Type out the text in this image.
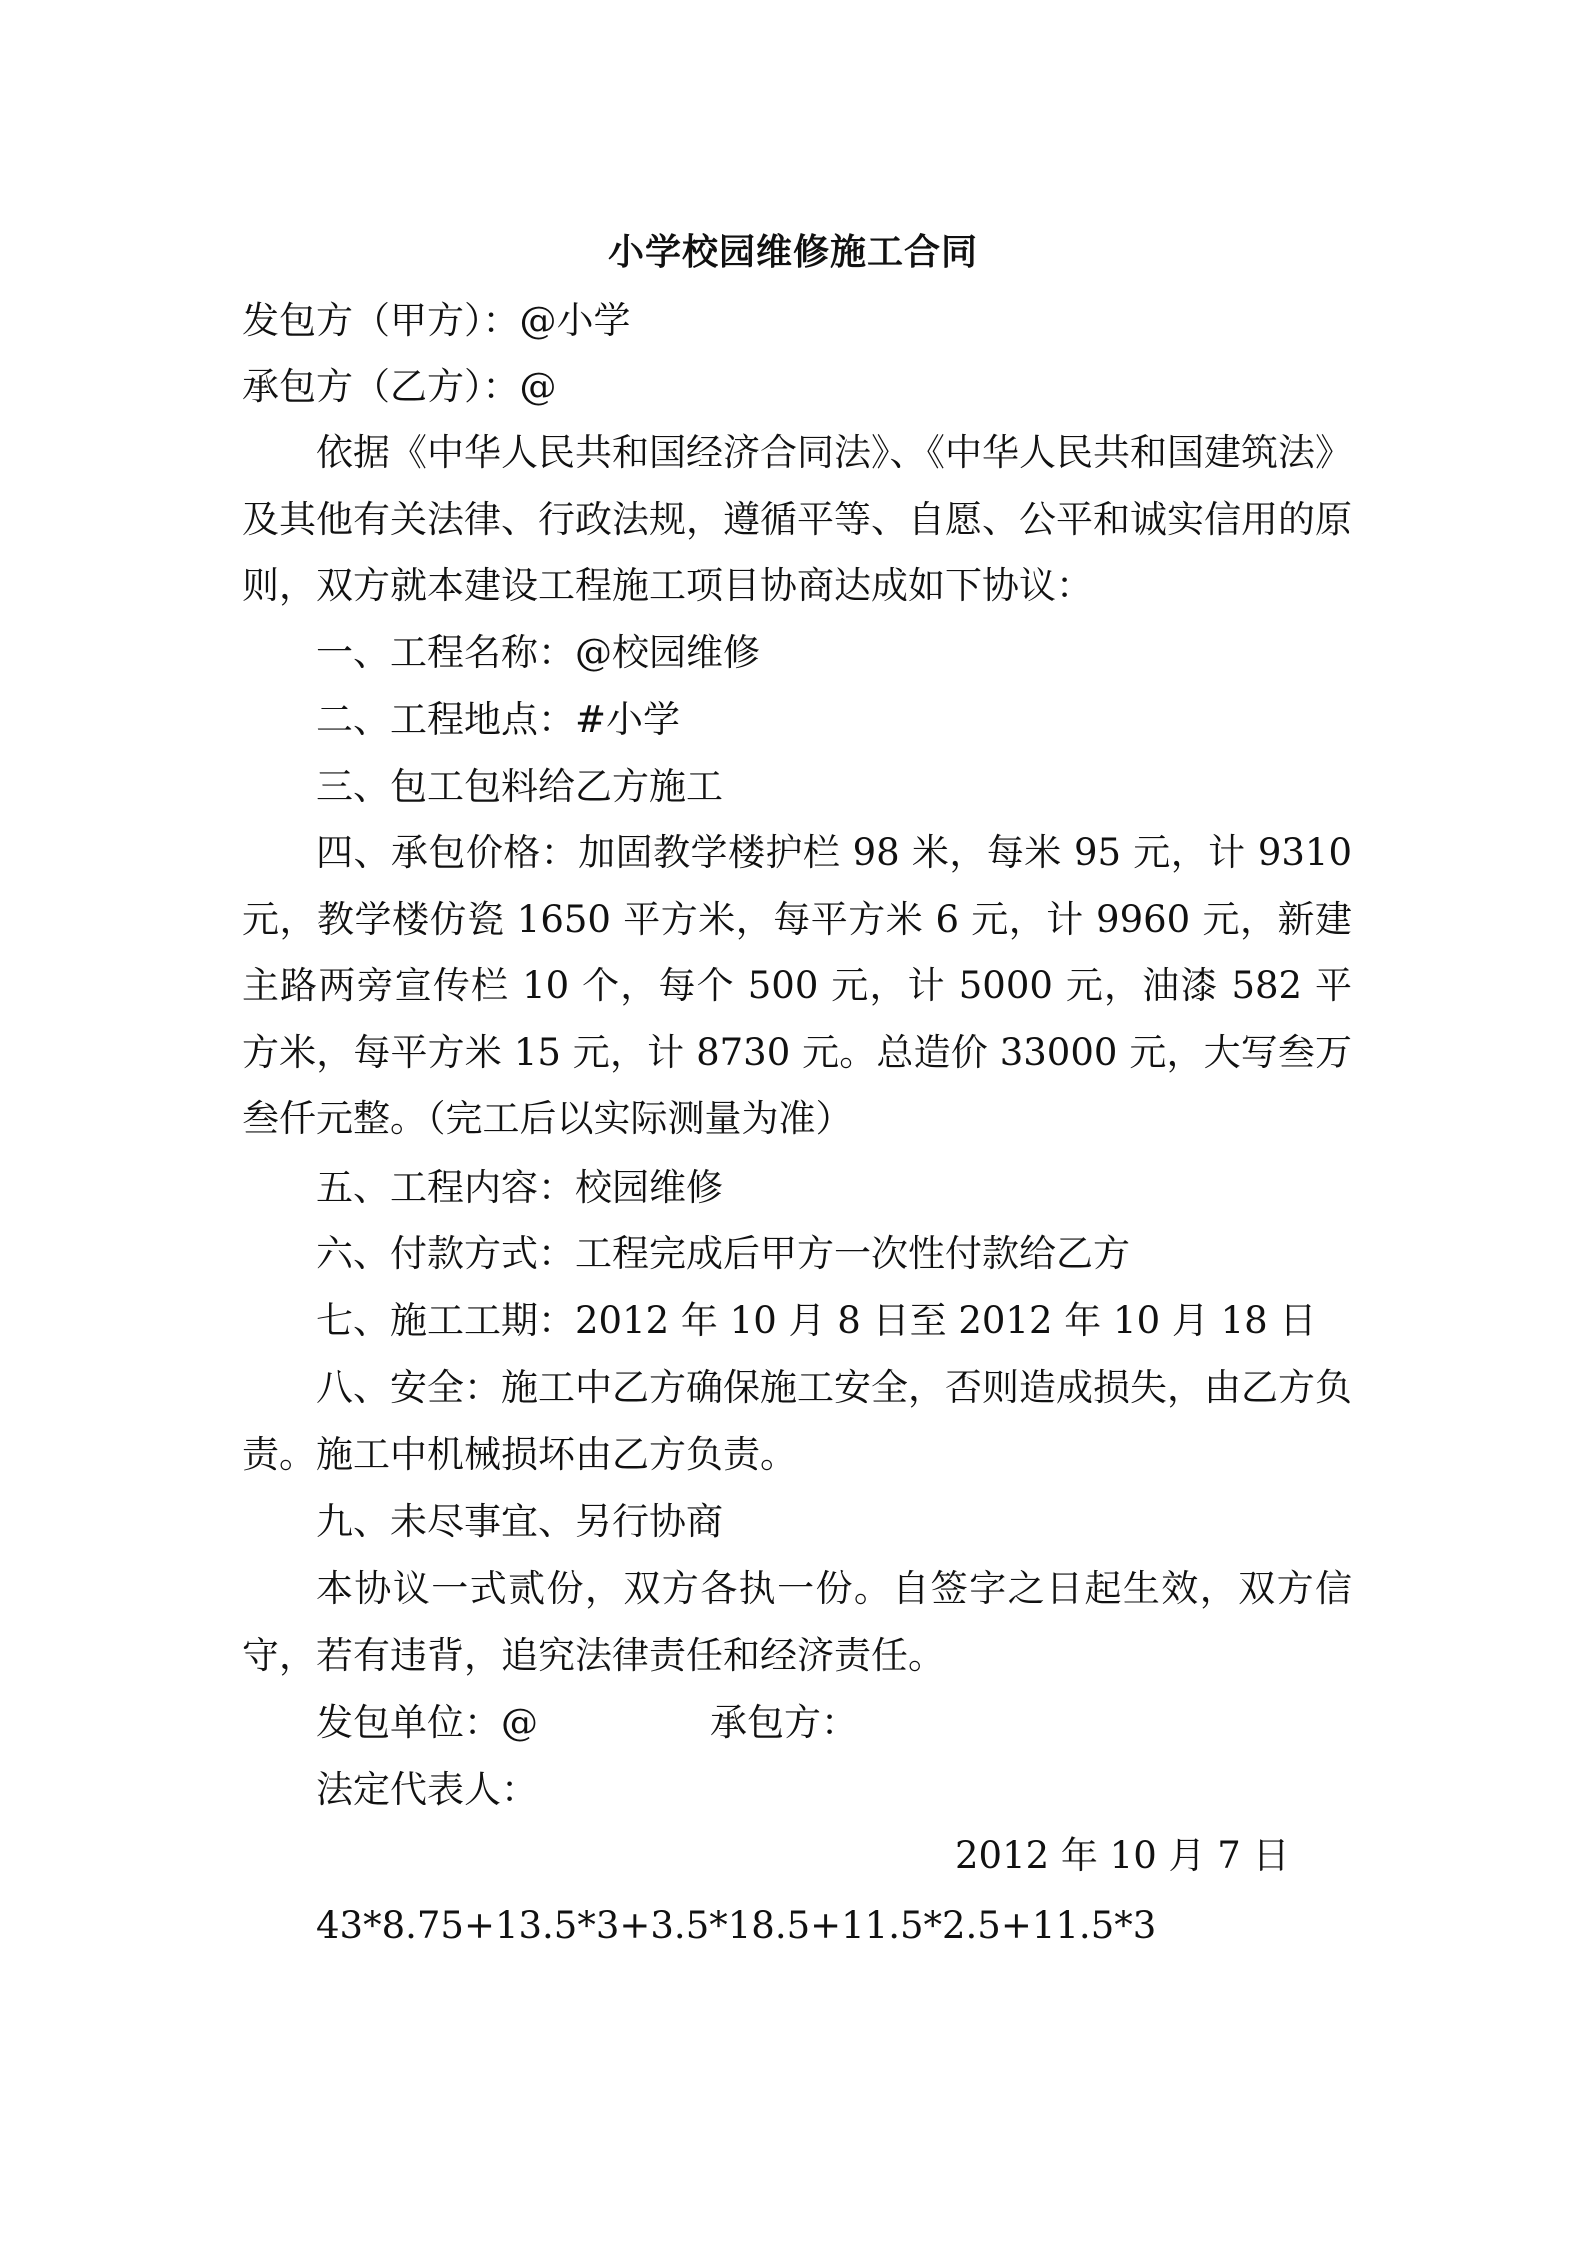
小学校园维修施工合同
发包方（甲方）：@小学
承包方（乙方）：@
依据《中华人民共和国经济合同法》、《中华人民共和国建筑法》及其他有关法律、行政法规，遵循平等、自愿、公平和诚实信用的原则，双方就本建设工程施工项目协商达成如下协议：
一、工程名称：@校园维修
二、工程地点：#小学
三、包工包料给乙方施工
四、承包价格：加固教学楼护栏 98 米，每米 95 元，计 9310 元，教学楼仿瓷 1650 平方米，每平方米 6 元，计 9960 元，新建主路两旁宣传栏 10 个，每个 500 元，计 5000 元，油漆 582 平方米，每平方米 15 元，计 8730 元。总造价 33000 元，大写叁万叁仟元整。（完工后以实际测量为准）
五、工程内容：校园维修
六、付款方式：工程完成后甲方一次性付款给乙方
七、施工工期：2012 年 10 月 8 日至 2012 年 10 月 18 日
八、安全：施工中乙方确保施工安全，否则造成损失，由乙方负责。施工中机械损坏由乙方负责。
九、未尽事宜、另行协商
本协议一式贰份，双方各执一份。自签字之日起生效，双方信守，若有违背，追究法律责任和经济责任。
发包单位：@	承包方：
法定代表人：
2012 年 10 月 7 日
43*8.75+13.5*3+3.5*18.5+11.5*2.5+11.5*3
